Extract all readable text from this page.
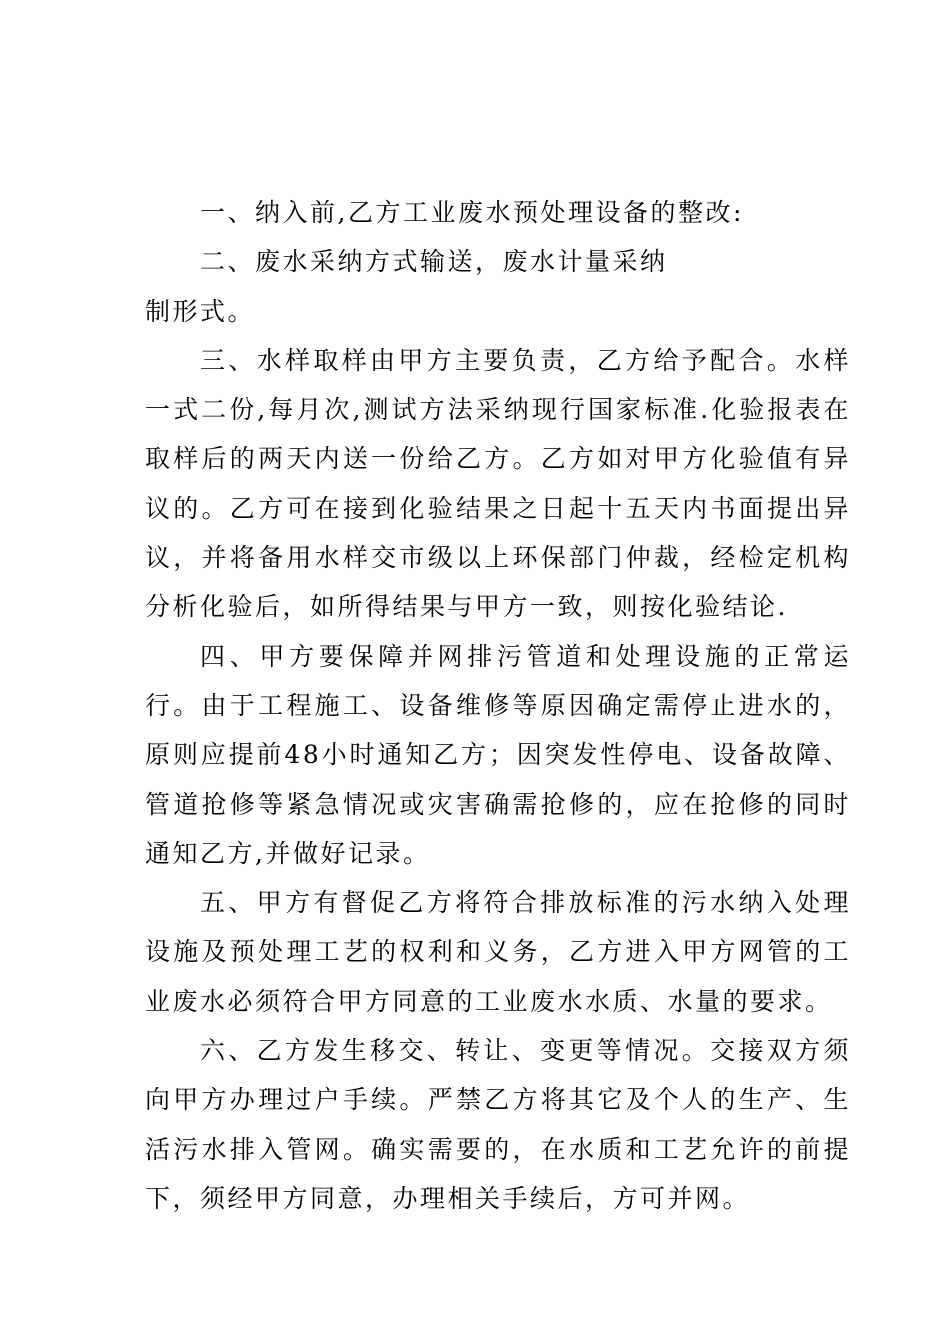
一、纳入前,乙方工业废水预处理设备的整改:

二、废水采纳方式输送，废水计量采纳

制形式。

三、水样取样由甲方主要负责，乙方给予配合。水样一式二份,每月次,测试方法采纳现行国家标准.化验报表在取样后的两天内送一份给乙方。乙方如对甲方化验值有异议的。乙方可在接到化验结果之日起十五天内书面提出异议，并将备用水样交市级以上环保部门仲裁，经检定机构分析化验后，如所得结果与甲方一致，则按化验结论.

四、甲方要保障并网排污管道和处理设施的正常运行。由于工程施工、设备维修等原因确定需停止进水的，原则应提前48小时通知乙方；因突发性停电、设备故障、管道抢修等紧急情况或灾害确需抢修的，应在抢修的同时通知乙方,并做好记录。

五、甲方有督促乙方将符合排放标准的污水纳入处理设施及预处理工艺的权利和义务，乙方进入甲方网管的工业废水必须符合甲方同意的工业废水水质、水量的要求。

六、乙方发生移交、转让、变更等情况。交接双方须向甲方办理过户手续。严禁乙方将其它及个人的生产、生活污水排入管网。确实需要的，在水质和工艺允许的前提下，须经甲方同意，办理相关手续后，方可并网。
